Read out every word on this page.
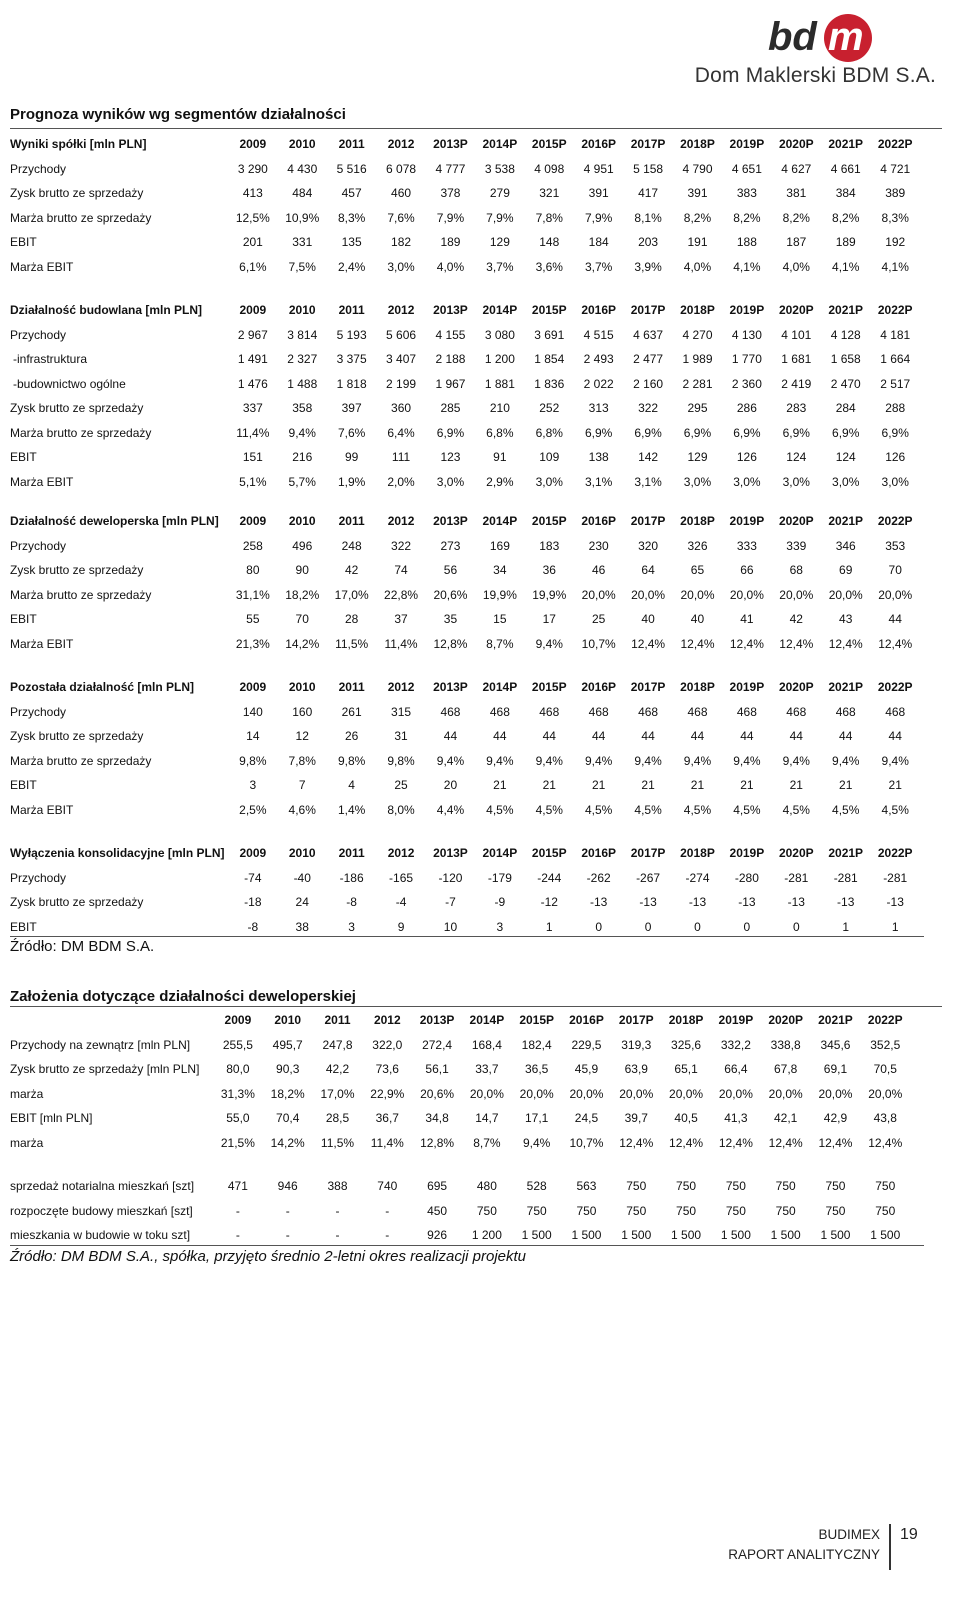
bd m
Dom Maklerski BDM S.A.
Prognoza wyników wg segmentów działalności
Wyniki spółki [mln PLN]	2009	2010	2011	2012	2013P	2014P	2015P	2016P	2017P	2018P	2019P	2020P	2021P	2022P
Przychody	3 290	4 430	5 516	6 078	4 777	3 538	4 098	4 951	5 158	4 790	4 651	4 627	4 661	4 721
Zysk brutto ze sprzedaży	413	484	457	460	378	279	321	391	417	391	383	381	384	389
Marża brutto ze sprzedaży	12,5%	10,9%	8,3%	7,6%	7,9%	7,9%	7,8%	7,9%	8,1%	8,2%	8,2%	8,2%	8,2%	8,3%
EBIT	201	331	135	182	189	129	148	184	203	191	188	187	189	192
Marża EBIT	6,1%	7,5%	2,4%	3,0%	4,0%	3,7%	3,6%	3,7%	3,9%	4,0%	4,1%	4,0%	4,1%	4,1%
Działalność budowlana [mln PLN]	2009	2010	2011	2012	2013P	2014P	2015P	2016P	2017P	2018P	2019P	2020P	2021P	2022P
Przychody	2 967	3 814	5 193	5 606	4 155	3 080	3 691	4 515	4 637	4 270	4 130	4 101	4 128	4 181
-infrastruktura	1 491	2 327	3 375	3 407	2 188	1 200	1 854	2 493	2 477	1 989	1 770	1 681	1 658	1 664
-budownictwo ogólne	1 476	1 488	1 818	2 199	1 967	1 881	1 836	2 022	2 160	2 281	2 360	2 419	2 470	2 517
Zysk brutto ze sprzedaży	337	358	397	360	285	210	252	313	322	295	286	283	284	288
Marża brutto ze sprzedaży	11,4%	9,4%	7,6%	6,4%	6,9%	6,8%	6,8%	6,9%	6,9%	6,9%	6,9%	6,9%	6,9%	6,9%
EBIT	151	216	99	111	123	91	109	138	142	129	126	124	124	126
Marża EBIT	5,1%	5,7%	1,9%	2,0%	3,0%	2,9%	3,0%	3,1%	3,1%	3,0%	3,0%	3,0%	3,0%	3,0%
Działalność deweloperska [mln PLN]	2009	2010	2011	2012	2013P	2014P	2015P	2016P	2017P	2018P	2019P	2020P	2021P	2022P
Przychody	258	496	248	322	273	169	183	230	320	326	333	339	346	353
Zysk brutto ze sprzedaży	80	90	42	74	56	34	36	46	64	65	66	68	69	70
Marża brutto ze sprzedaży	31,1%	18,2%	17,0%	22,8%	20,6%	19,9%	19,9%	20,0%	20,0%	20,0%	20,0%	20,0%	20,0%	20,0%
EBIT	55	70	28	37	35	15	17	25	40	40	41	42	43	44
Marża EBIT	21,3%	14,2%	11,5%	11,4%	12,8%	8,7%	9,4%	10,7%	12,4%	12,4%	12,4%	12,4%	12,4%	12,4%
Pozostała działalność [mln PLN]	2009	2010	2011	2012	2013P	2014P	2015P	2016P	2017P	2018P	2019P	2020P	2021P	2022P
Przychody	140	160	261	315	468	468	468	468	468	468	468	468	468	468
Zysk brutto ze sprzedaży	14	12	26	31	44	44	44	44	44	44	44	44	44	44
Marża brutto ze sprzedaży	9,8%	7,8%	9,8%	9,8%	9,4%	9,4%	9,4%	9,4%	9,4%	9,4%	9,4%	9,4%	9,4%	9,4%
EBIT	3	7	4	25	20	21	21	21	21	21	21	21	21	21
Marża EBIT	2,5%	4,6%	1,4%	8,0%	4,4%	4,5%	4,5%	4,5%	4,5%	4,5%	4,5%	4,5%	4,5%	4,5%
Wyłączenia konsolidacyjne [mln PLN]	2009	2010	2011	2012	2013P	2014P	2015P	2016P	2017P	2018P	2019P	2020P	2021P	2022P
Przychody	-74	-40	-186	-165	-120	-179	-244	-262	-267	-274	-280	-281	-281	-281
Zysk brutto ze sprzedaży	-18	24	-8	-4	-7	-9	-12	-13	-13	-13	-13	-13	-13	-13
EBIT	-8	38	3	9	10	3	1	0	0	0	0	0	1	1
Źródło: DM BDM S.A.
Założenia dotyczące działalności deweloperskiej
	2009	2010	2011	2012	2013P	2014P	2015P	2016P	2017P	2018P	2019P	2020P	2021P	2022P
Przychody na zewnątrz [mln PLN]	255,5	495,7	247,8	322,0	272,4	168,4	182,4	229,5	319,3	325,6	332,2	338,8	345,6	352,5
Zysk brutto ze sprzedaży [mln PLN]	80,0	90,3	42,2	73,6	56,1	33,7	36,5	45,9	63,9	65,1	66,4	67,8	69,1	70,5
marża	31,3%	18,2%	17,0%	22,9%	20,6%	20,0%	20,0%	20,0%	20,0%	20,0%	20,0%	20,0%	20,0%	20,0%
EBIT [mln PLN]	55,0	70,4	28,5	36,7	34,8	14,7	17,1	24,5	39,7	40,5	41,3	42,1	42,9	43,8
marża	21,5%	14,2%	11,5%	11,4%	12,8%	8,7%	9,4%	10,7%	12,4%	12,4%	12,4%	12,4%	12,4%	12,4%
sprzedaż notarialna mieszkań [szt]	471	946	388	740	695	480	528	563	750	750	750	750	750	750
rozpoczęte budowy mieszkań [szt]	-	-	-	-	450	750	750	750	750	750	750	750	750	750
mieszkania w budowie w toku szt]	-	-	-	-	926	1 200	1 500	1 500	1 500	1 500	1 500	1 500	1 500	1 500
Źródło: DM BDM S.A., spółka, przyjęto średnio 2-letni okres realizacji projektu
BUDIMEX
RAPORT ANALITYCZNY
19
